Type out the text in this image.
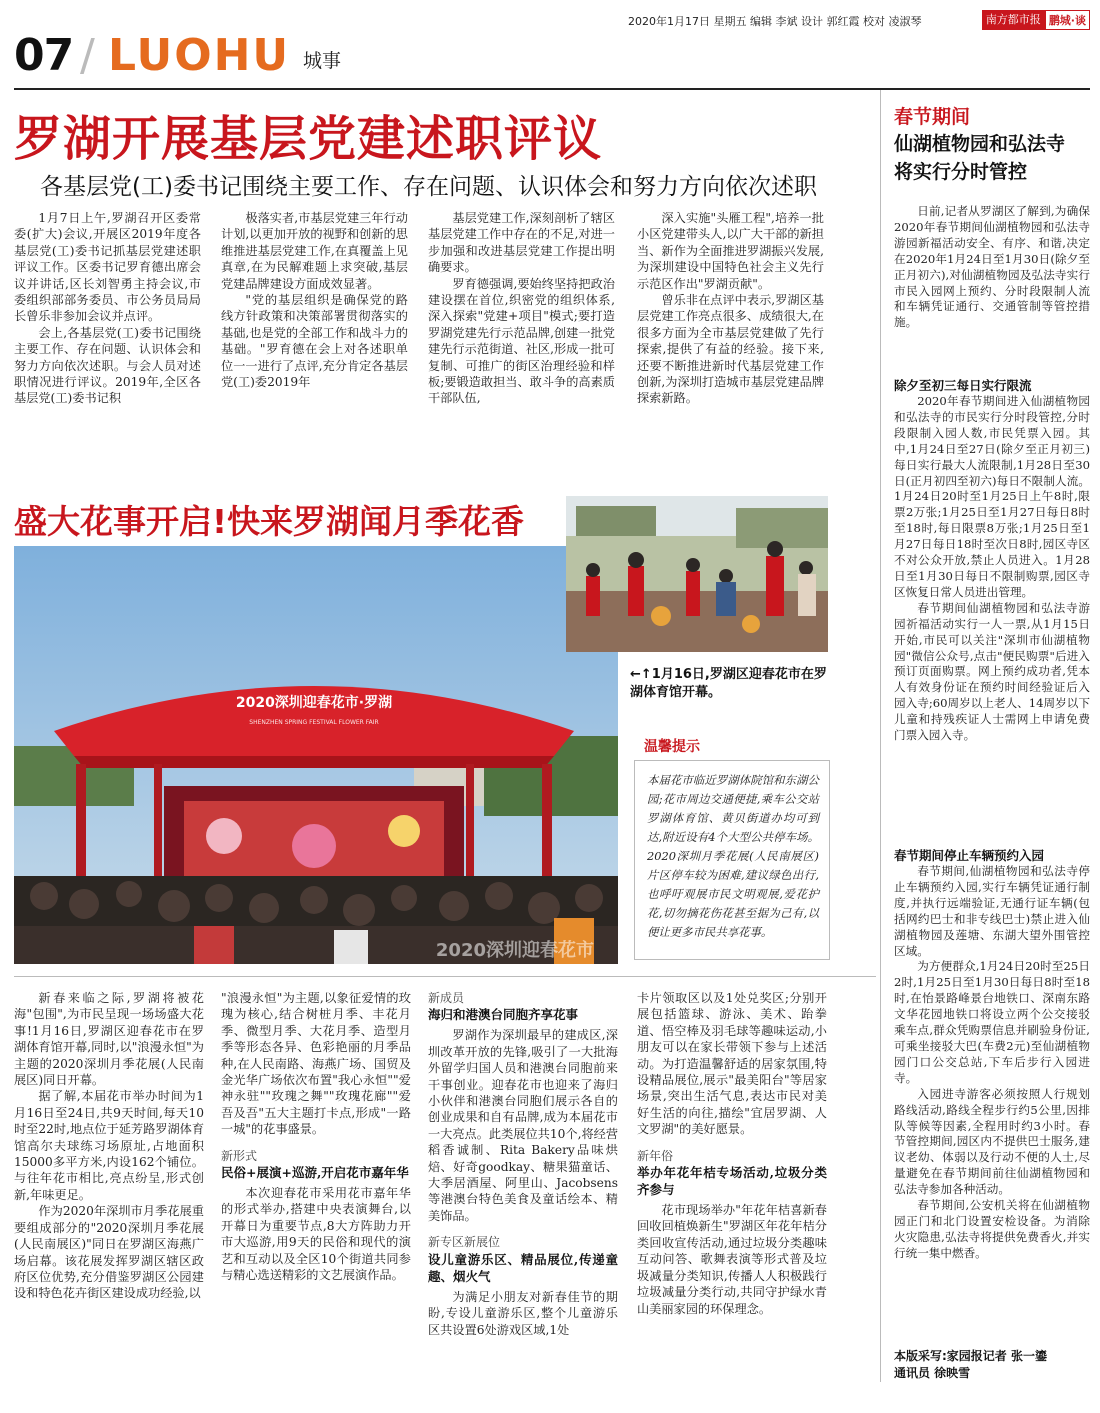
2020年1月17日 星期五 编辑 李斌 设计 郭红霞 校对 凌淑琴	南方都市报 鹏城·谈
07 / LUOHU 城事
罗湖开展基层党建述职评议
各基层党(工)委书记围绕主要工作、存在问题、认识体会和努力方向依次述职

1月7日上午,罗湖召开区委常委(扩大)会议,开展区2019年度各基层党(工)委书记抓基层党建述职评议工作。区委书记罗育德出席会议并讲话,区长刘智勇主持会议,市委组织部部务委员、市公务员局局长曾乐非参加会议并点评。

会上,各基层党(工)委书记围绕主要工作、存在问题、认识体会和努力方向依次述职。与会人员对述职情况进行评议。2019年,全区各基层党(工)委书记积

极落实者,市基层党建三年行动计划,以更加开放的视野和创新的思维推进基层党建工作,在真覆盖上见真章,在为民解难题上求突破,基层党建品牌建设方面成效显著。

"党的基层组织是确保党的路线方针政策和决策部署贯彻落实的基础,也是党的全部工作和战斗力的基础。"罗育德在会上对各述职单位一一进行了点评,充分肯定各基层党(工)委2019年

基层党建工作,深刻剖析了辖区基层党建工作中存在的不足,对进一步加强和改进基层党建工作提出明确要求。

罗育德强调,要始终坚持把政治建设摆在首位,织密党的组织体系,深入探索"党建+项目"模式;要打造罗湖党建先行示范品牌,创建一批党建先行示范街道、社区,形成一批可复制、可推广的街区治理经验和样板;要锻造敢担当、敢斗争的高素质干部队伍,

深入实施"头雁工程",培养一批小区党建带头人,以广大干部的新担当、新作为全面推进罗湖振兴发展,为深圳建设中国特色社会主义先行示范区作出"罗湖贡献"。

曾乐非在点评中表示,罗湖区基层党建工作亮点很多、成绩很大,在很多方面为全市基层党建做了先行探索,提供了有益的经验。接下来,还要不断推进新时代基层党建工作创新,为深圳打造城市基层党建品牌探索新路。

春节期间
仙湖植物园和弘法寺
将实行分时管控

日前,记者从罗湖区了解到,为确保2020年春节期间仙湖植物园和弘法寺游园新福活动安全、有序、和谐,决定在2020年1月24日至1月30日(除夕至正月初六),对仙湖植物园及弘法寺实行市民入园网上预约、分时段限制人流和车辆凭证通行、交通管制等管控措施。

除夕至初三每日实行限流

2020年春节期间进入仙湖植物园和弘法寺的市民实行分时段管控,分时段限制入园人数,市民凭票入园。其中,1月24日至27日(除夕至正月初三)每日实行最大人流限制,1月28日至30日(正月初四至初六)每日不限制人流。1月24日20时至1月25日上午8时,限票2万张;1月25日至1月27日每日8时至18时,每日限票8万张;1月25日至1月27日每日18时至次日8时,园区寺区不对公众开放,禁止人员进入。1月28日至1月30日每日不限制购票,园区寺区恢复日常人员进出管理。

春节期间仙湖植物园和弘法寺游园祈福活动实行一人一票,从1月15日开始,市民可以关注"深圳市仙湖植物园"微信公众号,点击"便民购票"后进入预订页面购票。网上预约成功者,凭本人有效身份证在预约时间经验证后入园入寺;60周岁以上老人、14周岁以下儿童和持残疾证人士需网上申请免费门票入园入寺。

春节期间停止车辆预约入园

春节期间,仙湖植物园和弘法寺停止车辆预约入园,实行车辆凭证通行制度,并执行远端验证,无通行证车辆(包括网约巴士和非专线巴士)禁止进入仙湖植物园及莲塘、东湖大望外围管控区域。

为方便群众,1月24日20时至25日2时,1月25日至1月30日每日8时至18时,在怡景路峰景台地铁口、深南东路文华花园地铁口将设立两个公交接驳乘车点,群众凭购票信息并刷验身份证,可乘坐接驳大巴(车费2元)至仙湖植物园门口公交总站,下车后步行入园进寺。

入园进寺游客必须按照人行规划路线活动,路线全程步行约5公里,因排队等候等因素,全程用时约3小时。春节管控期间,园区内不提供巴士服务,建议老幼、体弱以及行动不便的人士,尽量避免在春节期间前往仙湖植物园和弘法寺参加各种活动。

春节期间,公安机关将在仙湖植物园正门和北门设置安检设备。为消除火灾隐患,弘法寺将提供免费香火,并实行统一集中燃香。

本版采写:家园报记者 张一鎏
通讯员 徐映雪
盛大花事开启!快来罗湖闻月季花香
2020深圳迎春花市·罗湖
SHENZHEN SPRING FESTIVAL FLOWER FAIR
2020深圳迎春花市
←↑1月16日,罗湖区迎春花市在罗湖体育馆开幕。
温馨提示
本届花市临近罗湖体院馆和东湖公园;花市周边交通便捷,乘车公交站罗湖体育馆、黄贝街道办均可到达,附近设有4个大型公共停车场。2020深圳月季花展(人民南展区)片区停车较为困难,建议绿色出行,也呼吁观展市民文明观展,爱花护花,切勿摘花伤花甚至据为己有,以便让更多市民共享花事。

新春来临之际,罗湖将被花海"包围",为市民呈现一场场盛大花事!1月16日,罗湖区迎春花市在罗湖体育馆开幕,同时,以"浪漫永恒"为主题的2020深圳月季花展(人民南展区)同日开幕。

据了解,本届花市举办时间为1月16日至24日,共9天时间,每天10时至22时,地点位于延芳路罗湖体育馆高尔夫球练习场原址,占地面积15000多平方米,内设162个铺位。与往年花市相比,亮点纷呈,形式创新,年味更足。

作为2020年深圳市月季花展重要组成部分的"2020深圳月季花展(人民南展区)"同日在罗湖区海燕广场启幕。该花展发挥罗湖区辖区政府区位优势,充分借鉴罗湖区公园建设和特色花卉街区建设成功经验,以

"浪漫永恒"为主题,以象征爱情的玫瑰为核心,结合树桩月季、丰花月季、微型月季、大花月季、造型月季等形态各异、色彩艳丽的月季品种,在人民南路、海燕广场、国贸及金光华广场依次布置"我心永恒""爱神永驻""玫瑰之舞""玫瑰花廊""爱吾及吾"五大主题打卡点,形成"一路一城"的花事盛景。

新形式
民俗+展演+巡游,开启花市嘉年华

本次迎春花市采用花市嘉年华的形式举办,搭建中央表演舞台,以开幕日为重要节点,8大方阵助力开市大巡游,用9天的民俗和现代的演艺和互动以及全区10个街道共同参与精心选送精彩的文艺展演作品。

新成员
海归和港澳台同胞齐享花事

罗湖作为深圳最早的建成区,深圳改革开放的先锋,吸引了一大批海外留学归国人员和港澳台同胞前来干事创业。迎春花市也迎来了海归小伙伴和港澳台同胞们展示各自的创业成果和自有品牌,成为本届花市一大亮点。此类展位共10个,将经营稻香诚制、Rita Bakery品味烘焙、好奇goodkay、糖果猫童话、大季居酒屋、阿里山、Jacobsens等港澳台特色美食及童话绘本、精美饰品。

新专区新展位
设儿童游乐区、精品展位,传递童趣、烟火气

为满足小朋友对新春佳节的期盼,专设儿童游乐区,整个儿童游乐区共设置6处游戏区域,1处

卡片领取区以及1处兑奖区;分别开展包括篮球、游泳、美术、跆拳道、悟空棒及羽毛球等趣味运动,小朋友可以在家长带领下参与上述活动。为打造温馨舒适的居家氛围,特设精品展位,展示"最美阳台"等居家场景,突出生活气息,表达市民对美好生活的向往,描绘"宜居罗湖、人文罗湖"的美好愿景。

新年俗
举办年花年桔专场活动,垃圾分类齐参与

花市现场举办"年花年桔喜新春 回收回植焕新生"罗湖区年花年桔分类回收宣传活动,通过垃圾分类趣味互动问答、歌舞表演等形式普及垃圾减量分类知识,传播人人积极践行垃圾减量分类行动,共同守护绿水青山美丽家园的环保理念。
